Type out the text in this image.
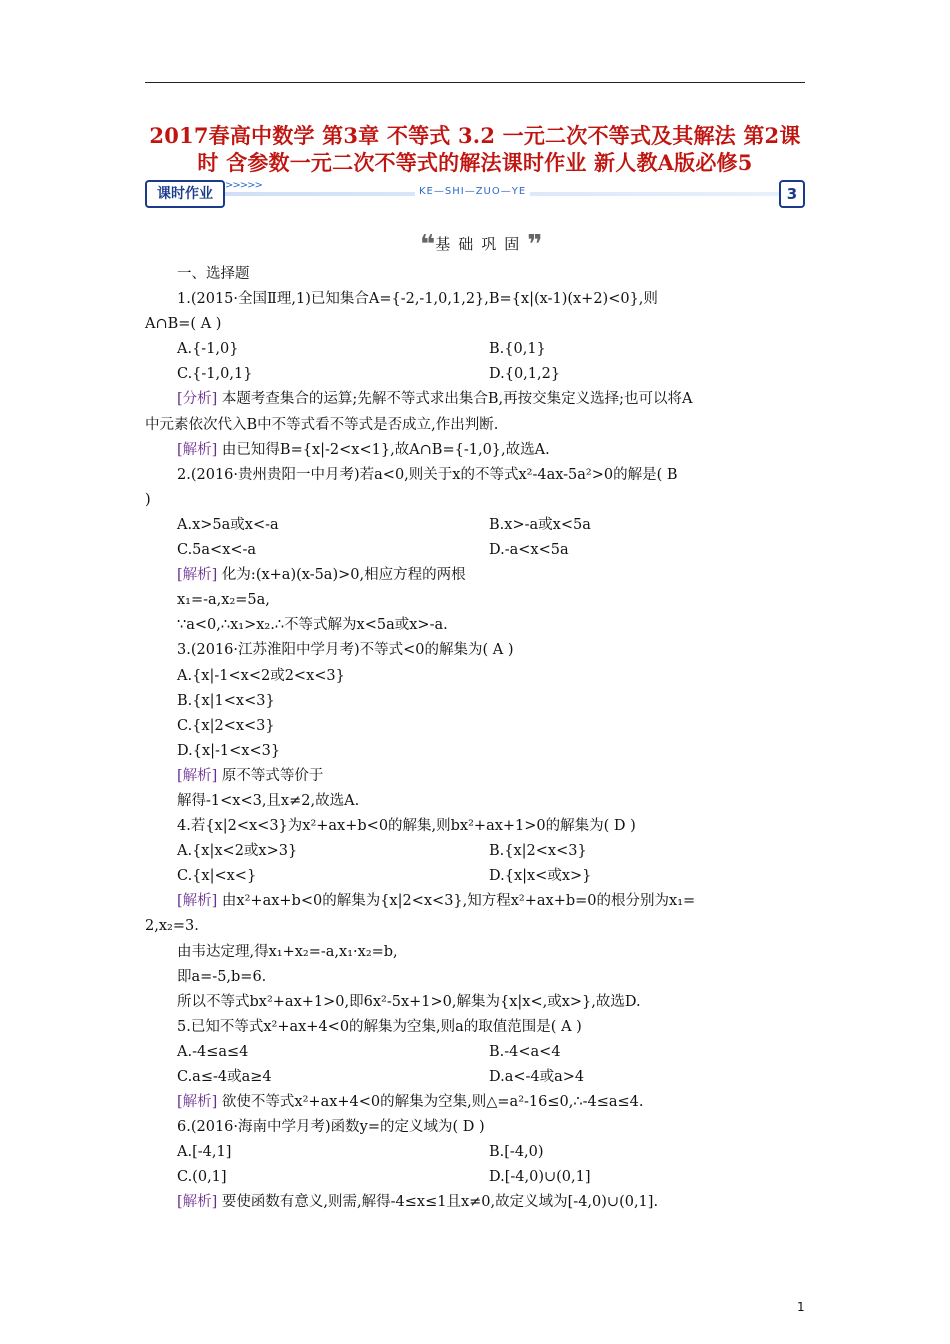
2017春高中数学 第3章 不等式 3.2 一元二次不等式及其解法 第2课时 含参数一元二次不等式的解法课时作业 新人教A版必修5
课时作业
>>>>>
KE—SHI—ZUO—YE	3
❝基础巩固❞
一、选择题
1.(2015·全国Ⅱ理,1)已知集合A={-2,-1,0,1,2},B={x|(x-1)(x+2)<0},则
A∩B=( A )
A.{-1,0}	B.{0,1}
C.{-1,0,1}	D.{0,1,2}
[分析] 本题考查集合的运算;先解不等式求出集合B,再按交集定义选择;也可以将A
中元素依次代入B中不等式看不等式是否成立,作出判断.
[解析] 由已知得B={x|-2<x<1},故A∩B={-1,0},故选A.
2.(2016·贵州贵阳一中月考)若a<0,则关于x的不等式x²-4ax-5a²>0的解是( B
)
A.x>5a或x<-a	B.x>-a或x<5a
C.5a<x<-a	D.-a<x<5a
[解析] 化为:(x+a)(x-5a)>0,相应方程的两根
x₁=-a,x₂=5a,
∵a<0,∴x₁>x₂.∴不等式解为x<5a或x>-a.
3.(2016·江苏淮阳中学月考)不等式<0的解集为( A )
A.{x|-1<x<2或2<x<3}
B.{x|1<x<3}
C.{x|2<x<3}
D.{x|-1<x<3}
[解析] 原不等式等价于
解得-1<x<3,且x≠2,故选A.
4.若{x|2<x<3}为x²+ax+b<0的解集,则bx²+ax+1>0的解集为( D )
A.{x|x<2或x>3}	B.{x|2<x<3}
C.{x|<x<}	D.{x|x<或x>}
[解析] 由x²+ax+b<0的解集为{x|2<x<3},知方程x²+ax+b=0的根分别为x₁=
2,x₂=3.
由韦达定理,得x₁+x₂=-a,x₁·x₂=b,
即a=-5,b=6.
所以不等式bx²+ax+1>0,即6x²-5x+1>0,解集为{x|x<,或x>},故选D.
5.已知不等式x²+ax+4<0的解集为空集,则a的取值范围是( A )
A.-4≤a≤4	B.-4<a<4
C.a≤-4或a≥4	D.a<-4或a>4
[解析] 欲使不等式x²+ax+4<0的解集为空集,则△=a²-16≤0,∴-4≤a≤4.
6.(2016·海南中学月考)函数y=的定义域为( D )
A.[-4,1]	B.[-4,0)
C.(0,1]	D.[-4,0)∪(0,1]
[解析] 要使函数有意义,则需,解得-4≤x≤1且x≠0,故定义域为[-4,0)∪(0,1].
1
